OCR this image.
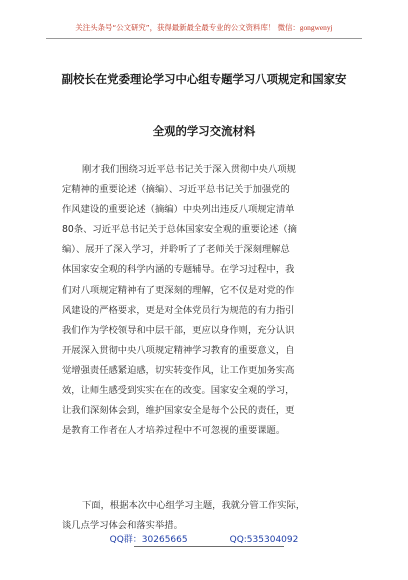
关注头条号“公文研究”，获得最新最全最专业的公文资料库！ 微信：gongwenyj
副校长在党委理论学习中心组专题学习八项规定和国家安
全观的学习交流材料
刚才我们围绕习近平总书记关于深入贯彻中央八项规
定精神的重要论述（摘编）、习近平总书记关于加强党的
作风建设的重要论述（摘编）中央列出违反八项规定清单
80条、习近平总书记关于总体国家安全观的重要论述（摘
编）、展开了深入学习，并聆听了了老师关于深刻理解总
体国家安全观的科学内涵的专题辅导。在学习过程中，我
们对八项规定精神有了更深刻的理解，它不仅是对党的作
风建设的严格要求，更是对全体党员行为规范的有力指引
我们作为学校领导和中层干部，更应以身作则，充分认识
开展深入贯彻中央八项规定精神学习教育的重要意义，自
觉增强责任感紧迫感，切实转变作风，让工作更加务实高
效，让师生感受到实实在在的改变。国家安全观的学习，
让我们深刻体会到，维护国家安全是每个公民的责任，更
是教育工作者在人才培养过程中不可忽视的重要课题。
下面，根据本次中心组学习主题，我就分管工作实际，
谈几点学习体会和落实举措。
QQ群：30265665	QQ:535304092
